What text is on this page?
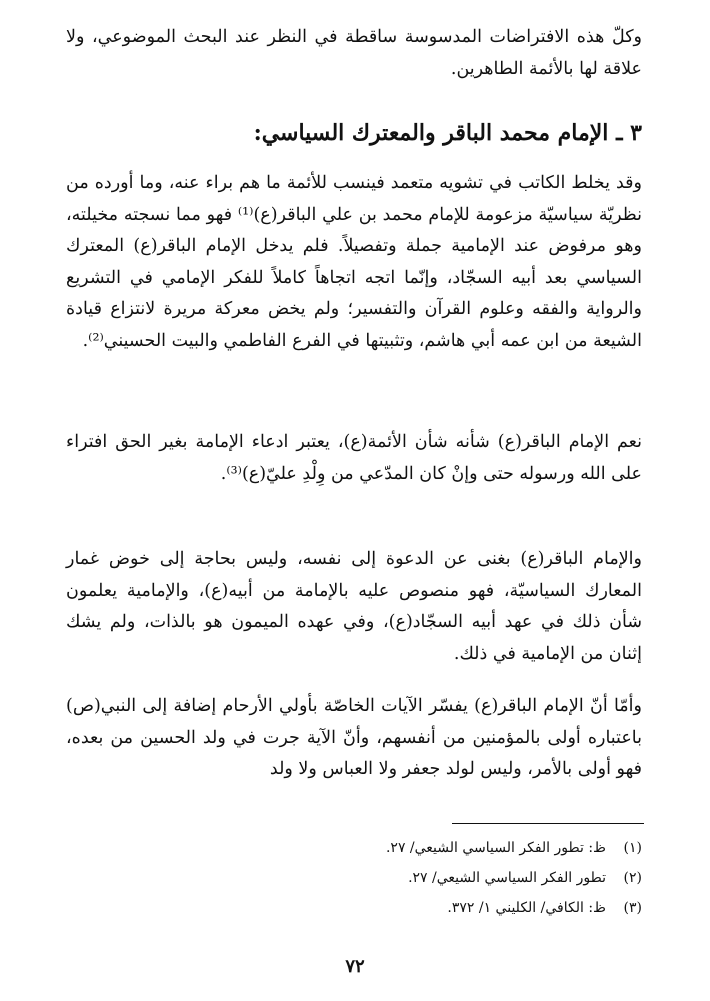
وكلّ هذه الافتراضات المدسوسة ساقطة في النظر عند البحث الموضوعي، ولا علاقة لها بالأئمة الطاهرين.

٣ ـ الإمام محمد الباقر والمعترك السياسي:

وقد يخلط الكاتب في تشويه متعمد فينسب للأئمة ما هم براء عنه، وما أورده من نظريّة سياسيّة مزعومة للإمام محمد بن علي الباقر(ع)⁽¹⁾ فهو مما نسجته مخيلته، وهو مرفوض عند الإمامية جملة وتفصيلاً. فلم يدخل الإمام الباقر(ع) المعترك السياسي بعد أبيه السجّاد، وإنّما اتجه اتجاهاً كاملاً للفكر الإمامي في التشريع والرواية والفقه وعلوم القرآن والتفسير؛ ولم يخض معركة مريرة لانتزاع قيادة الشيعة من ابن عمه أبي هاشم، وتثبيتها في الفرع الفاطمي والبيت الحسيني⁽²⁾.

نعم الإمام الباقر(ع) شأنه شأن الأئمة(ع)، يعتبر ادعاء الإمامة بغير الحق افتراء على الله ورسوله حتى وإنْ كان المدّعي من وِلْدِ عليّ(ع)⁽³⁾.

والإمام الباقر(ع) بغنى عن الدعوة إلى نفسه، وليس بحاجة إلى خوض غمار المعارك السياسيّة، فهو منصوص عليه بالإمامة من أبيه(ع)، والإمامية يعلمون شأن ذلك في عهد أبيه السجّاد(ع)، وفي عهده الميمون هو بالذات، ولم يشك إثنان من الإمامية في ذلك.

وأمّا أنّ الإمام الباقر(ع) يفسّر الآيات الخاصّة بأولي الأرحام إضافة إلى النبي(ص) باعتباره أولى بالمؤمنين من أنفسهم، وأنّ الآية جرت في ولد الحسين من بعده، فهو أولى بالأمر، وليس لولد جعفر ولا العباس ولا ولد

(١)
ظ: تطور الفكر السياسي الشيعي/ ٢٧.
(٢)
تطور الفكر السياسي الشيعي/ ٢٧.
(٣)
ظ: الكافي/ الكليني ١/ ٣٧٢.
٧٢
